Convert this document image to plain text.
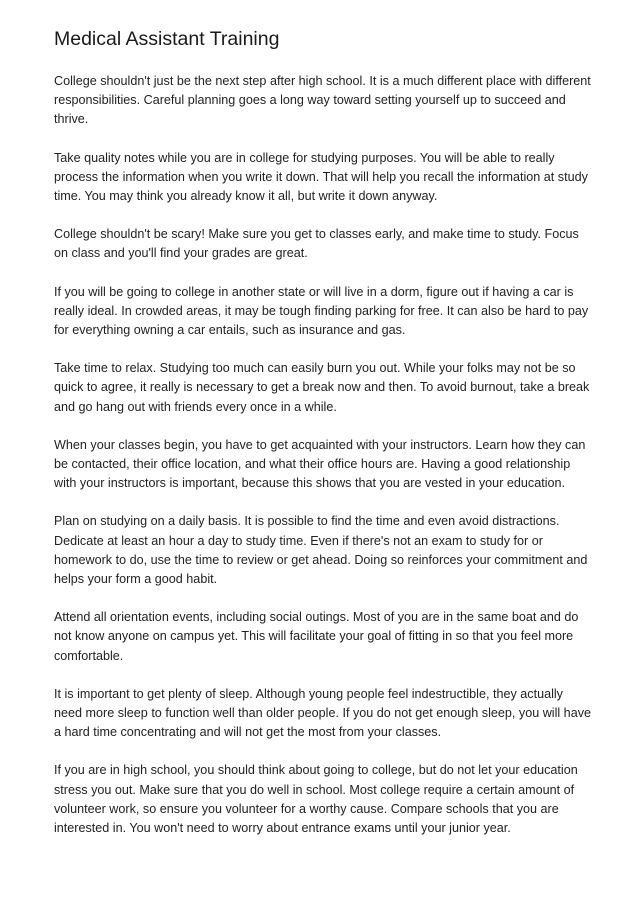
Medical Assistant Training

College shouldn't just be the next step after high school. It is a much different place with different responsibilities. Careful planning goes a long way toward setting yourself up to succeed and thrive.

Take quality notes while you are in college for studying purposes. You will be able to really process the information when you write it down. That will help you recall the information at study time. You may think you already know it all, but write it down anyway.

College shouldn't be scary! Make sure you get to classes early, and make time to study. Focus on class and you'll find your grades are great.

If you will be going to college in another state or will live in a dorm, figure out if having a car is really ideal. In crowded areas, it may be tough finding parking for free. It can also be hard to pay for everything owning a car entails, such as insurance and gas.

Take time to relax. Studying too much can easily burn you out. While your folks may not be so quick to agree, it really is necessary to get a break now and then. To avoid burnout, take a break and go hang out with friends every once in a while.

When your classes begin, you have to get acquainted with your instructors. Learn how they can be contacted, their office location, and what their office hours are. Having a good relationship with your instructors is important, because this shows that you are vested in your education.

Plan on studying on a daily basis. It is possible to find the time and even avoid distractions. Dedicate at least an hour a day to study time. Even if there's not an exam to study for or homework to do, use the time to review or get ahead. Doing so reinforces your commitment and helps your form a good habit.

Attend all orientation events, including social outings. Most of you are in the same boat and do not know anyone on campus yet. This will facilitate your goal of fitting in so that you feel more comfortable.

It is important to get plenty of sleep. Although young people feel indestructible, they actually need more sleep to function well than older people. If you do not get enough sleep, you will have a hard time concentrating and will not get the most from your classes.

If you are in high school, you should think about going to college, but do not let your education stress you out. Make sure that you do well in school. Most college require a certain amount of volunteer work, so ensure you volunteer for a worthy cause. Compare schools that you are interested in. You won't need to worry about entrance exams until your junior year.
